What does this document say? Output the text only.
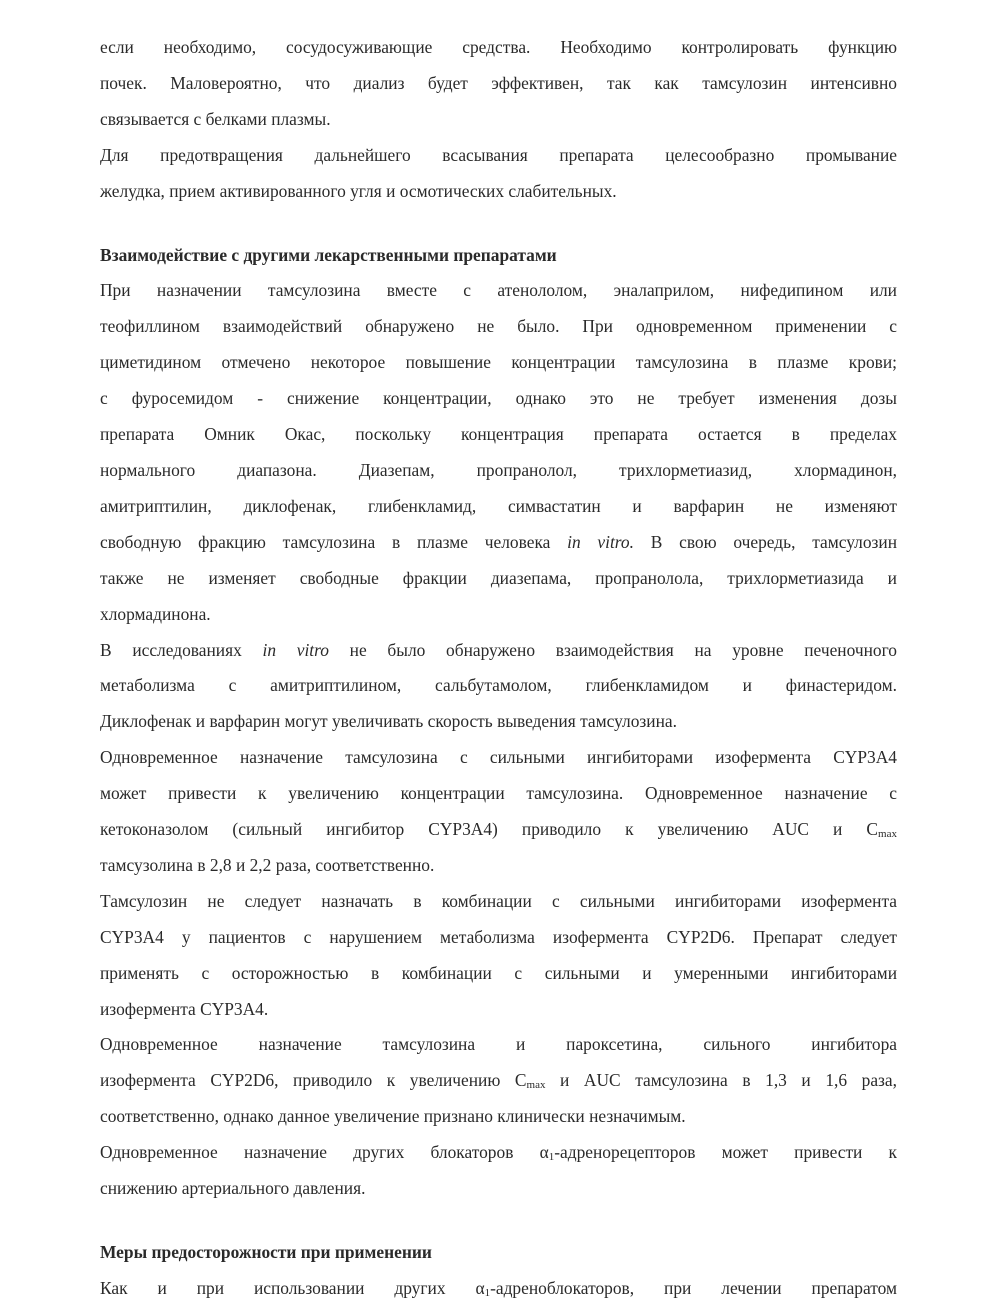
если необходимо, сосудосуживающие средства. Необходимо контролировать функцию
почек. Маловероятно, что диализ будет эффективен, так как тамсулозин интенсивно
связывается с белками плазмы.

Для предотвращения дальнейшего всасывания препарата целесообразно промывание
желудка, прием активированного угля и осмотических слабительных.

Взаимодействие с другими лекарственными препаратами

При назначении тамсулозина вместе с атенололом, эналаприлом, нифедипином или
теофиллином взаимодействий обнаружено не было. При одновременном применении с
циметидином отмечено некоторое повышение концентрации тамсулозина в плазме крови;
с фуросемидом - снижение концентрации, однако это не требует изменения дозы
препарата Омник Окас, поскольку концентрация препарата остается в пределах
нормального диапазона. Диазепам, пропранолол, трихлорметиазид, хлормадинон,
амитриптилин, диклофенак, глибенкламид, симвастатин и варфарин не изменяют
свободную фракцию тамсулозина в плазме человека in vitro. В свою очередь, тамсулозин
также не изменяет свободные фракции диазепама, пропранолола, трихлорметиазида и
хлормадинона.

В исследованиях in vitro не было обнаружено взаимодействия на уровне печеночного
метаболизма с амитриптилином, сальбутамолом, глибенкламидом и финастеридом.
Диклофенак и варфарин могут увеличивать скорость выведения тамсулозина.

Одновременное назначение тамсулозина с сильными ингибиторами изофермента CYP3A4
может привести к увеличению концентрации тамсулозина. Одновременное назначение с
кетоконазолом (сильный ингибитор CYP3A4) приводило к увеличению AUC и $C_{max}$
тамсузолина в 2,8 и 2,2 раза, соответственно.

Тамсулозин не следует назначать в комбинации с сильными ингибиторами изофермента
CYP3A4 у пациентов с нарушением метаболизма изофермента CYP2D6. Препарат следует
применять с осторожностью в комбинации с сильными и умеренными ингибиторами
изофермента CYP3A4.

Одновременное назначение тамсулозина и пароксетина, сильного ингибитора
изофермента CYP2D6, приводило к увеличению $C_{max}$ и AUC тамсулозина в 1,3 и 1,6 раза,
соответственно, однако данное увеличение признано клинически незначимым.

Одновременное назначение других блокаторов $\alpha_1$-адренорецепторов может привести к
снижению артериального давления.

Меры предосторожности при применении

Как и при использовании других $\alpha_1$-адреноблокаторов, при лечении препаратом
